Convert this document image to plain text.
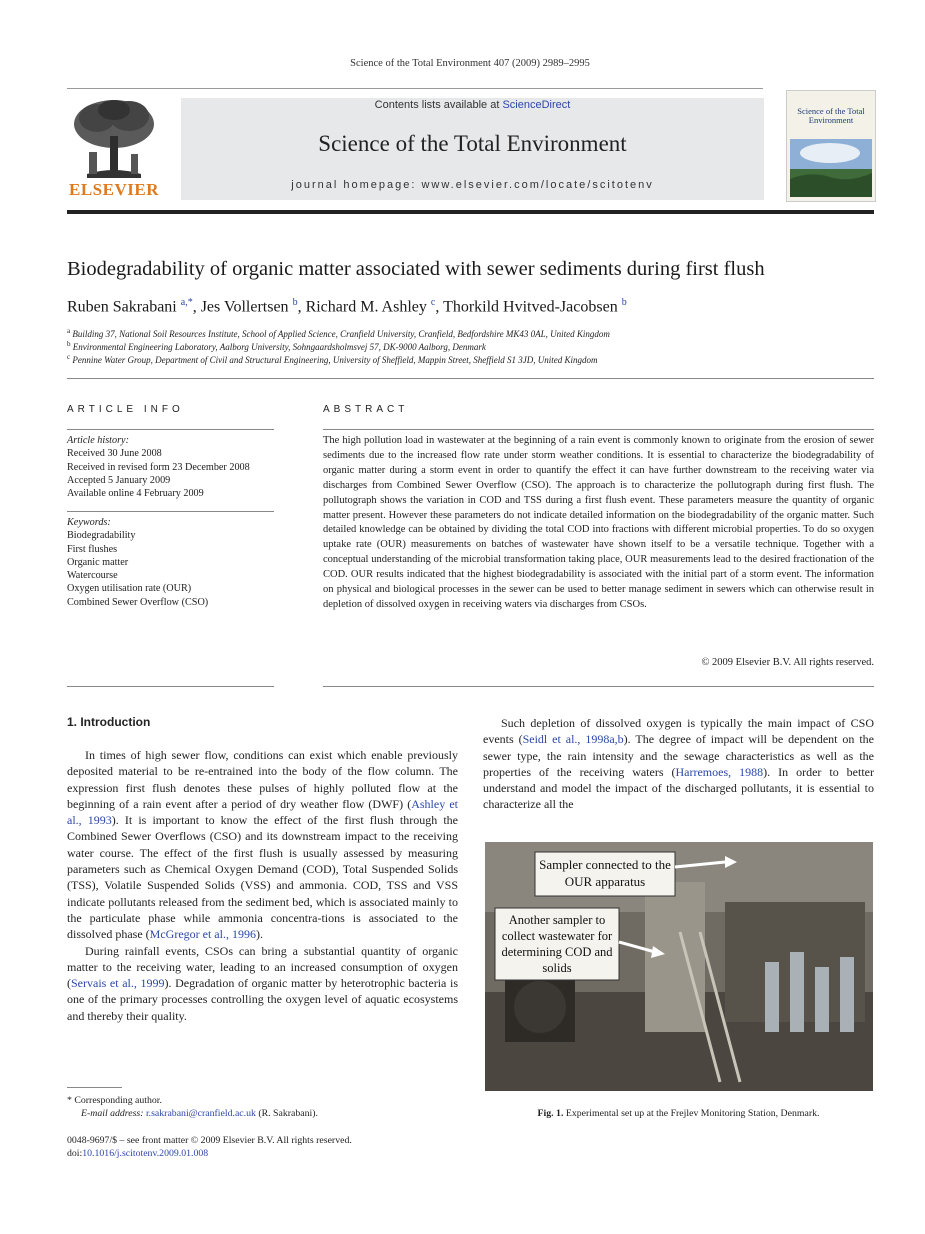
Science of the Total Environment 407 (2009) 2989–2995
ELSEVIER
Contents lists available at ScienceDirect
Science of the Total Environment
journal homepage: www.elsevier.com/locate/scitotenv
Science of the Total Environment
Biodegradability of organic matter associated with sewer sediments during first flush
Ruben Sakrabani $^{a,*}$, Jes Vollertsen $^b$, Richard M. Ashley $^c$, Thorkild Hvitved-Jacobsen $^b$
$^a$ Building 37, National Soil Resources Institute, School of Applied Science, Cranfield University, Cranfield, Bedfordshire MK43 0AL, United Kingdom
$^b$ Environmental Engineering Laboratory, Aalborg University, Sohngaardsholmsvej 57, DK-9000 Aalborg, Denmark
$^c$ Pennine Water Group, Department of Civil and Structural Engineering, University of Sheffield, Mappin Street, Sheffield S1 3JD, United Kingdom
ARTICLE INFO
Article history:
Received 30 June 2008
Received in revised form 23 December 2008
Accepted 5 January 2009
Available online 4 February 2009
Keywords:
Biodegradability
First flushes
Organic matter
Watercourse
Oxygen utilisation rate (OUR)
Combined Sewer Overflow (CSO)
ABSTRACT
The high pollution load in wastewater at the beginning of a rain event is commonly known to originate from the erosion of sewer sediments due to the increased flow rate under storm weather conditions. It is essential to characterize the biodegradability of organic matter during a storm event in order to quantify the effect it can have further downstream to the receiving water via discharges from Combined Sewer Overflow (CSO). The approach is to characterize the pollutograph during first flush. The pollutograph shows the variation in COD and TSS during a first flush event. These parameters measure the quantity of organic matter present. However these parameters do not indicate detailed information on the biodegradability of the organic matter. Such detailed knowledge can be obtained by dividing the total COD into fractions with different microbial properties. To do so oxygen uptake rate (OUR) measurements on batches of wastewater have shown itself to be a versatile technique. Together with a conceptual understanding of the microbial transformation taking place, OUR measurements lead to the desired fractionation of the COD. OUR results indicated that the highest biodegradability is associated with the initial part of a storm event. The information on physical and biological processes in the sewer can be used to better manage sediment in sewers which can otherwise result in depletion of dissolved oxygen in receiving waters via discharges from CSOs.
© 2009 Elsevier B.V. All rights reserved.
1. Introduction

In times of high sewer flow, conditions can exist which enable previously deposited material to be re-entrained into the body of the flow column. The expression first flush denotes these pulses of highly polluted flow at the beginning of a rain event after a period of dry weather flow (DWF) (Ashley et al., 1993). It is important to know the effect of the first flush through the Combined Sewer Overflows (CSO) and its downstream impact to the receiving water course. The effect of the first flush is usually assessed by measuring parameters such as Chemical Oxygen Demand (COD), Total Suspended Solids (TSS), Volatile Suspended Solids (VSS) and ammonia. COD, TSS and VSS indicate pollutants released from the sediment bed, which is associated mainly to the particulate phase while ammonia concentra-tions is associated to the dissolved phase (McGregor et al., 1996).

During rainfall events, CSOs can bring a substantial quantity of organic matter to the receiving water, leading to an increased consumption of oxygen (Servais et al., 1999). Degradation of organic matter by heterotrophic bacteria is one of the primary processes controlling the oxygen level of aquatic ecosystems and thereby their quality.

Such depletion of dissolved oxygen is typically the main impact of CSO events (Seidl et al., 1998a,b). The degree of impact will be dependent on the sewer type, the rain intensity and the sewage characteristics as well as the properties of the receiving waters (Harremoes, 1988). In order to better understand and model the impact of the discharged pollutants, it is essential to characterize all the

Sampler connected to the OUR apparatus
Another sampler to collect wastewater for determining COD and solids
Fig. 1. Experimental set up at the Frejlev Monitoring Station, Denmark.
* Corresponding author.
E-mail address: r.sakrabani@cranfield.ac.uk (R. Sakrabani).
0048-9697/$ – see front matter © 2009 Elsevier B.V. All rights reserved.
doi:10.1016/j.scitotenv.2009.01.008
